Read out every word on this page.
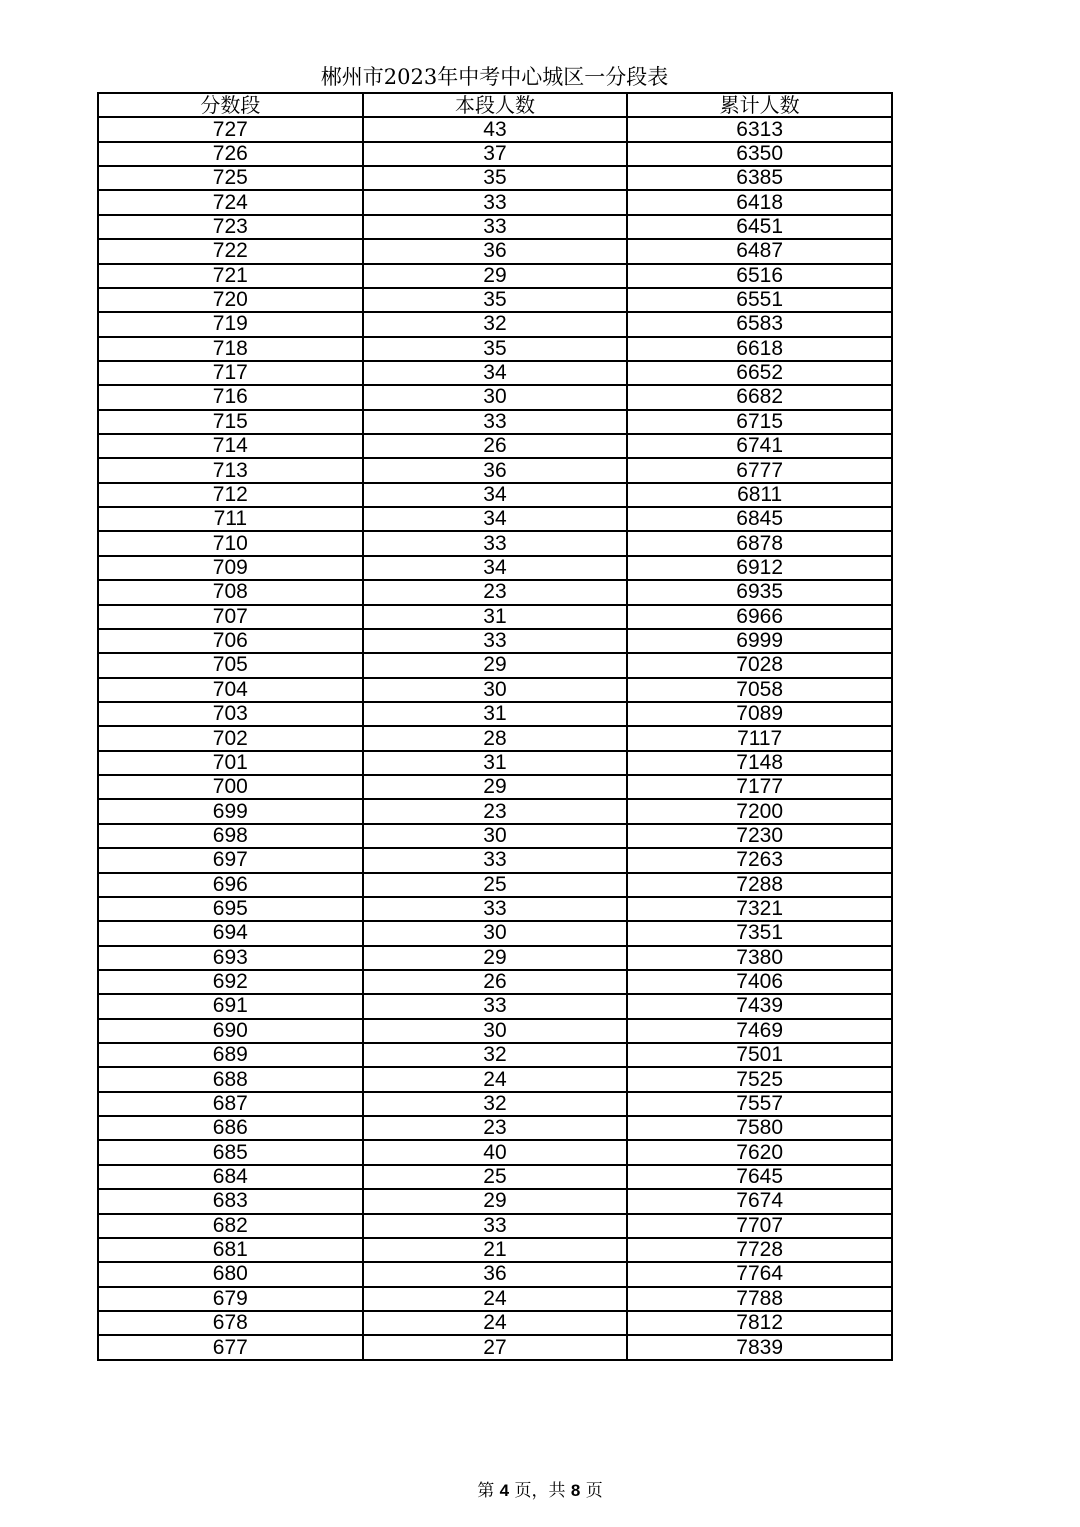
郴州市2023年中考中心城区一分段表
分数段	本段人数	累计人数
727	43	6313
726	37	6350
725	35	6385
724	33	6418
723	33	6451
722	36	6487
721	29	6516
720	35	6551
719	32	6583
718	35	6618
717	34	6652
716	30	6682
715	33	6715
714	26	6741
713	36	6777
712	34	6811
711	34	6845
710	33	6878
709	34	6912
708	23	6935
707	31	6966
706	33	6999
705	29	7028
704	30	7058
703	31	7089
702	28	7117
701	31	7148
700	29	7177
699	23	7200
698	30	7230
697	33	7263
696	25	7288
695	33	7321
694	30	7351
693	29	7380
692	26	7406
691	33	7439
690	30	7469
689	32	7501
688	24	7525
687	32	7557
686	23	7580
685	40	7620
684	25	7645
683	29	7674
682	33	7707
681	21	7728
680	36	7764
679	24	7788
678	24	7812
677	27	7839
第 4 页，共 8 页
